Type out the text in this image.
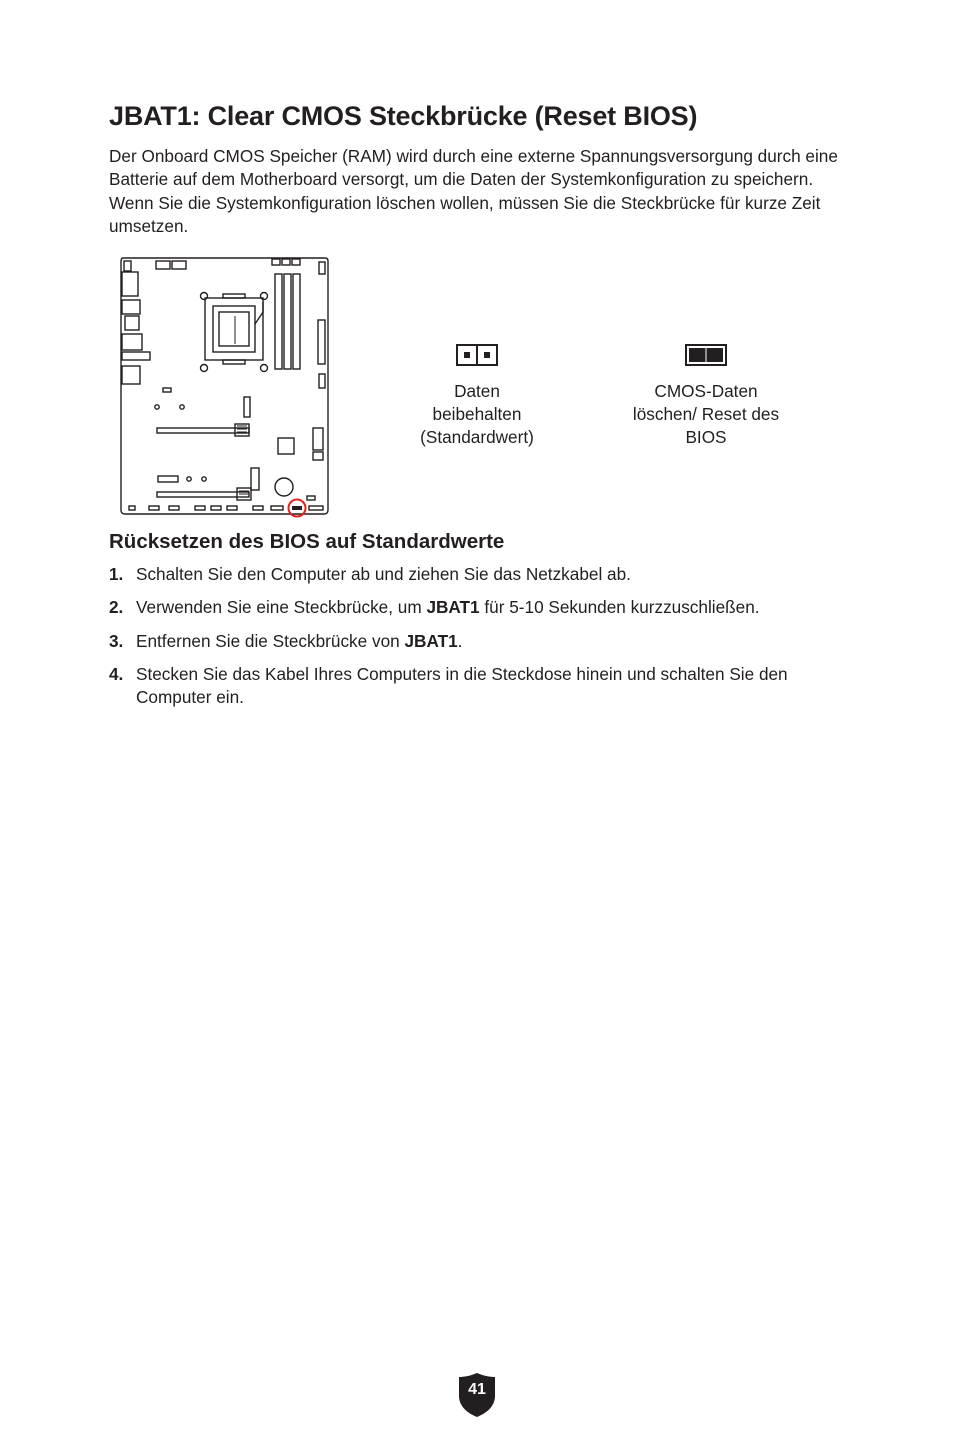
JBAT1: Clear CMOS Steckbrücke (Reset BIOS)

Der Onboard CMOS Speicher (RAM) wird durch eine externe Spannungsversorgung durch eine Batterie auf dem Motherboard versorgt, um die Daten der Systemkonfiguration zu speichern. Wenn Sie die Systemkonfiguration löschen wollen, müssen Sie die Steckbrücke für kurze Zeit umsetzen.

Daten
beibehalten
(Standardwert)
CMOS-Daten
löschen/ Reset des
BIOS
Rücksetzen des BIOS auf Standardwerte
1. Schalten Sie den Computer ab und ziehen Sie das Netzkabel ab.
2. Verwenden Sie eine Steckbrücke, um JBAT1 für 5-10 Sekunden kurzzuschließen.
3. Entfernen Sie die Steckbrücke von JBAT1.
4. Stecken Sie das Kabel Ihres Computers in die Steckdose hinein und schalten Sie den Computer ein.
41
